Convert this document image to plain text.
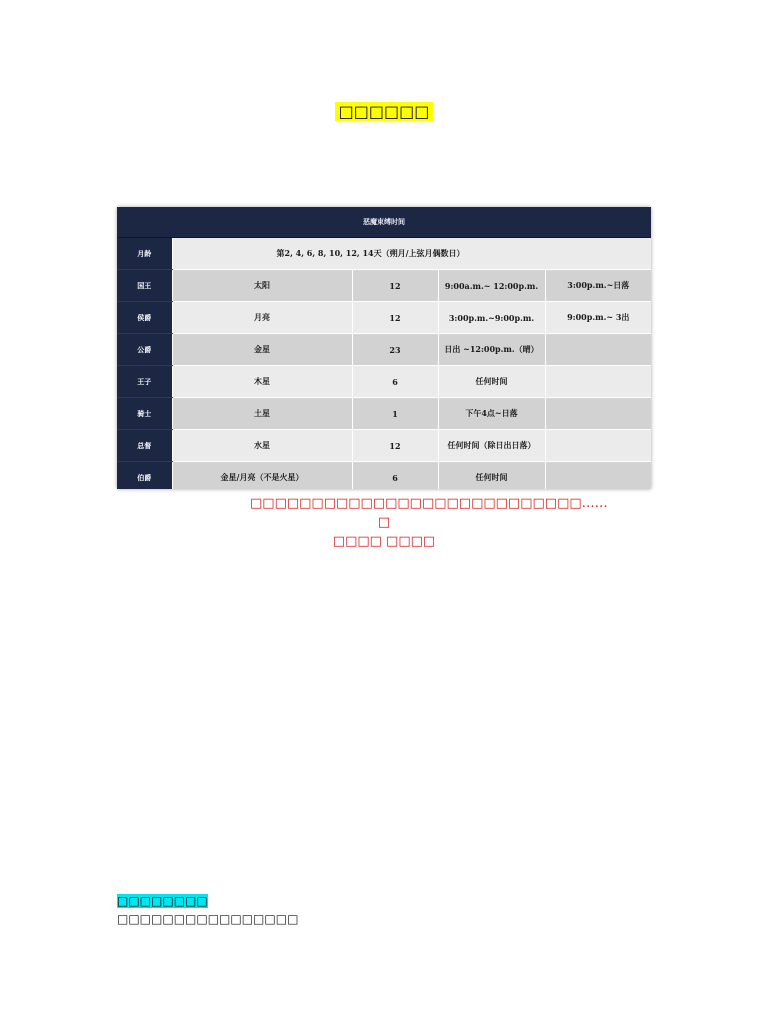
□□□□□□
恶魔束缚时间				
月龄	第2, 4, 6, 8, 10, 12, 14天（朔月/上弦月偶数日）			
国王	太阳	12	9:00a.m.~ 12:00p.m.	3:00p.m.~日落
侯爵	月亮	12	3:00p.m.~9:00p.m.	9:00p.m.~ 3出
公爵	金星	23	日出 ~12:00p.m.（晴）	
王子	木星	6	任何时间	
骑士	土星	1	下午4点~日落	
总督	水星	12	任何时间（除日出日落）	
伯爵	金星/月亮（不是火星）	6	任何时间	
□□□□□□□□□□□□□□□□□□□□□□□□□□□……□
□□□□ □□□□
□□□□□□□□
□□□□□□□□□□□□□□□□
